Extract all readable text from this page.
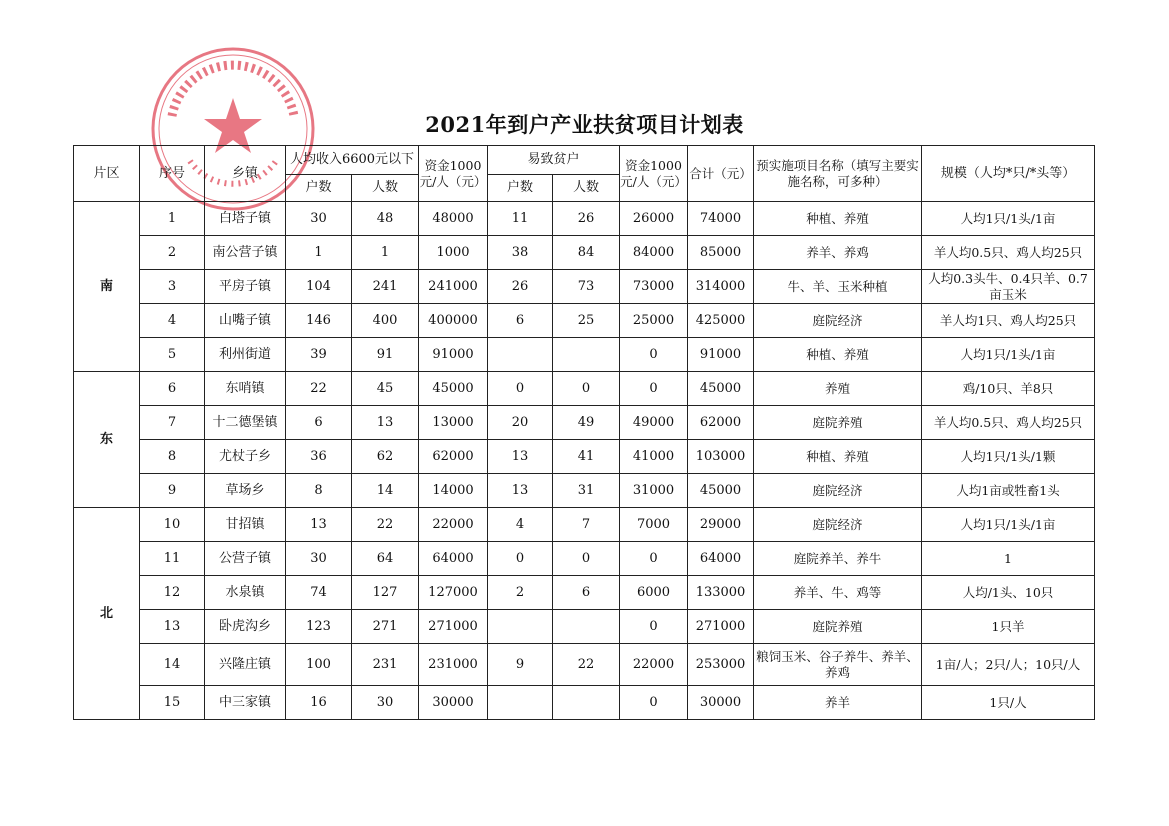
2021年到户产业扶贫项目计划表
片区	序号	乡镇	人均收入6600元以下		资金1000元/人（元）	易致贫户		资金1000元/人（元）	合计（元）	预实施项目名称（填写主要实施名称，可多种）	规模（人均*只/*头等）
			户数	人数		户数	人数				
南	1	白塔子镇	30	48	48000	11	26	26000	74000	种植、养殖	人均1只/1头/1亩
	2	南公营子镇	1	1	1000	38	84	84000	85000	养羊、养鸡	羊人均0.5只、鸡人均25只
	3	平房子镇	104	241	241000	26	73	73000	314000	牛、羊、玉米种植	人均0.3头牛、0.4只羊、0.7亩玉米
	4	山嘴子镇	146	400	400000	6	25	25000	425000	庭院经济	羊人均1只、鸡人均25只
	5	利州街道	39	91	91000			0	91000	种植、养殖	人均1只/1头/1亩
东	6	东哨镇	22	45	45000	0	0	0	45000	养殖	鸡/10只、羊8只
	7	十二德堡镇	6	13	13000	20	49	49000	62000	庭院养殖	羊人均0.5只、鸡人均25只
	8	尤杖子乡	36	62	62000	13	41	41000	103000	种植、养殖	人均1只/1头/1颗
	9	草场乡	8	14	14000	13	31	31000	45000	庭院经济	人均1亩或牲畜1头
北	10	甘招镇	13	22	22000	4	7	7000	29000	庭院经济	人均1只/1头/1亩
	11	公营子镇	30	64	64000	0	0	0	64000	庭院养羊、养牛	1
	12	水泉镇	74	127	127000	2	6	6000	133000	养羊、牛、鸡等	人均/1头、10只
	13	卧虎沟乡	123	271	271000			0	271000	庭院养殖	1只羊
	14	兴隆庄镇	100	231	231000	9	22	22000	253000	粮饲玉米、谷子养牛、养羊、养鸡	1亩/人；2只/人；10只/人
	15	中三家镇	16	30	30000			0	30000	养羊	1只/人
